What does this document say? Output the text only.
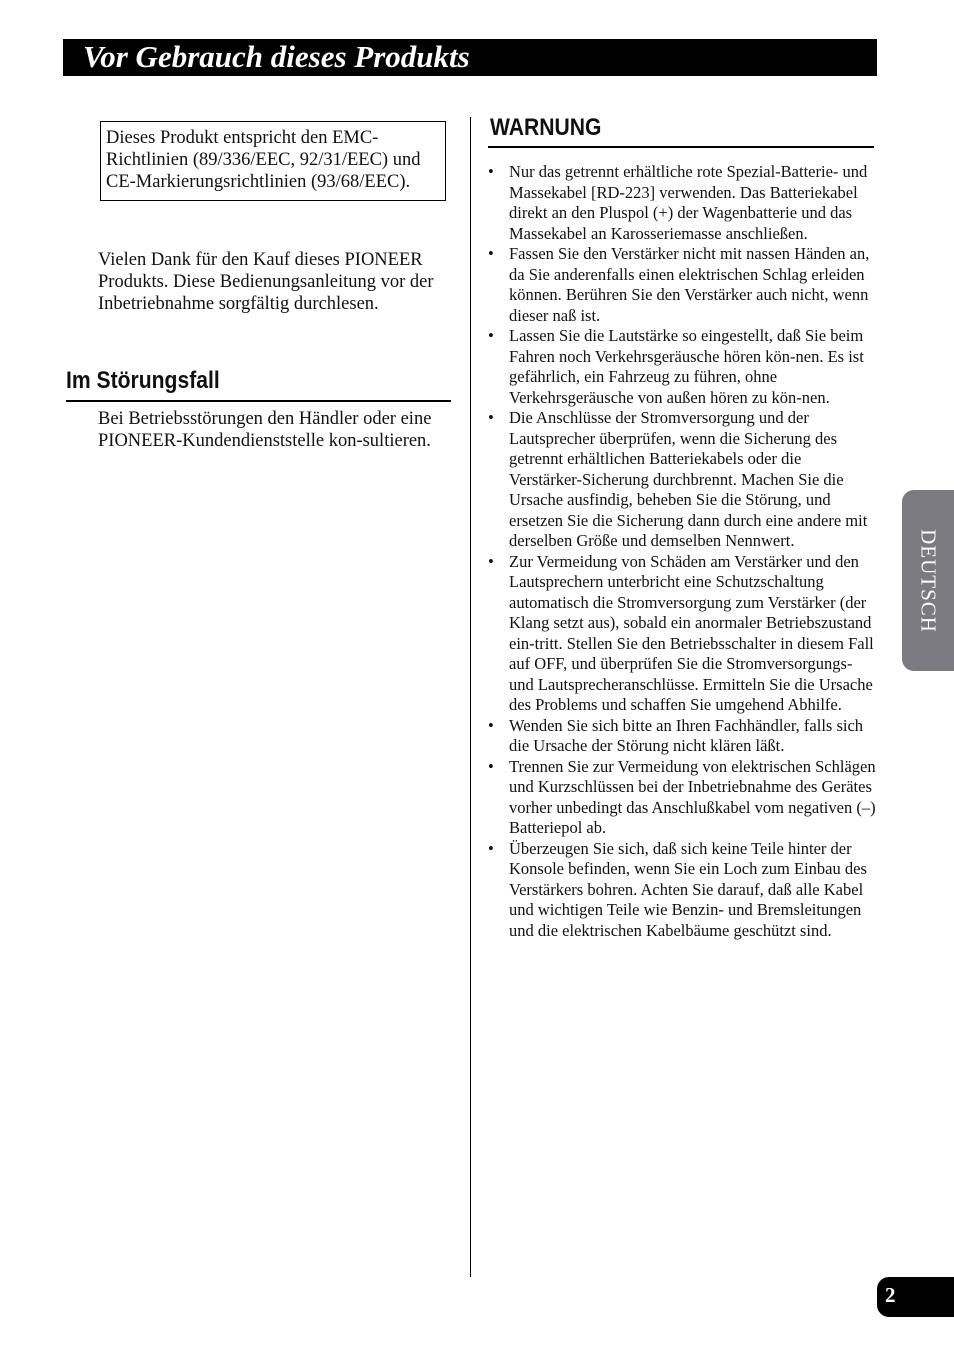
Vor Gebrauch dieses Produkts
Dieses Produkt entspricht den EMC-Richtlinien (89/336/EEC, 92/31/EEC) und CE-Markierungsrichtlinien (93/68/EEC).

Vielen Dank für den Kauf dieses PIONEER Produkts. Diese Bedienungsanleitung vor der Inbetriebnahme sorgfältig durchlesen.

Im Störungsfall

Bei Betriebsstörungen den Händler oder eine PIONEER-Kundendienststelle kon-sultieren.

WARNUNG
• Nur das getrennt erhältliche rote Spezial-Batterie- und Massekabel [RD-223] verwenden. Das Batteriekabel direkt an den Pluspol (+) der Wagenbatterie und das Massekabel an Karosseriemasse anschließen.
• Fassen Sie den Verstärker nicht mit nassen Händen an, da Sie anderenfalls einen elektrischen Schlag erleiden können. Berühren Sie den Verstärker auch nicht, wenn dieser naß ist.
• Lassen Sie die Lautstärke so eingestellt, daß Sie beim Fahren noch Verkehrsgeräusche hören kön-nen. Es ist gefährlich, ein Fahrzeug zu führen, ohne Verkehrsgeräusche von außen hören zu kön-nen.
• Die Anschlüsse der Stromversorgung und der Lautsprecher überprüfen, wenn die Sicherung des getrennt erhältlichen Batteriekabels oder die Verstärker-Sicherung durchbrennt. Machen Sie die Ursache ausfindig, beheben Sie die Störung, und ersetzen Sie die Sicherung dann durch eine andere mit derselben Größe und demselben Nennwert.
• Zur Vermeidung von Schäden am Verstärker und den Lautsprechern unterbricht eine Schutzschaltung automatisch die Stromversorgung zum Verstärker (der Klang setzt aus), sobald ein anormaler Betriebszustand ein-tritt. Stellen Sie den Betriebsschalter in diesem Fall auf OFF, und überprüfen Sie die Stromversorgungs- und Lautsprecheranschlüsse. Ermitteln Sie die Ursache des Problems und schaffen Sie umgehend Abhilfe.
• Wenden Sie sich bitte an Ihren Fachhändler, falls sich die Ursache der Störung nicht klären läßt.
• Trennen Sie zur Vermeidung von elektrischen Schlägen und Kurzschlüssen bei der Inbetriebnahme des Gerätes vorher unbedingt das Anschlußkabel vom negativen (–) Batteriepol ab.
• Überzeugen Sie sich, daß sich keine Teile hinter der Konsole befinden, wenn Sie ein Loch zum Einbau des Verstärkers bohren. Achten Sie darauf, daß alle Kabel und wichtigen Teile wie Benzin- und Bremsleitungen und die elektrischen Kabelbäume geschützt sind.
DEUTSCH
2
